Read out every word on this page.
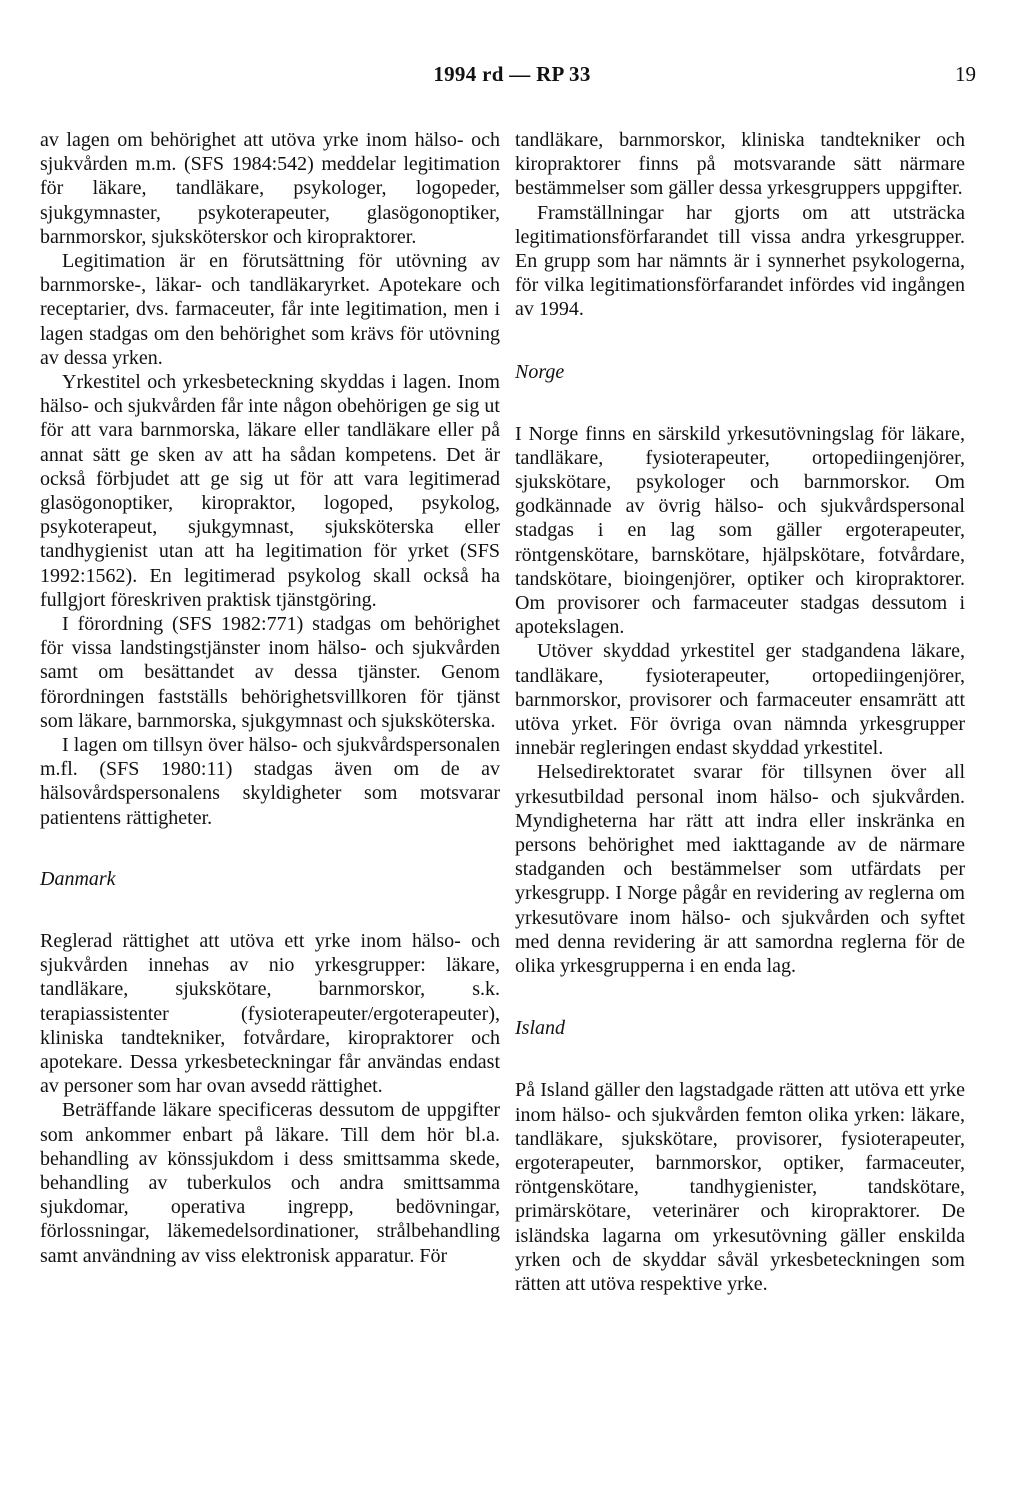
1994 rd — RP 33	19

av lagen om behörighet att utöva yrke inom hälso- och sjukvården m.m. (SFS 1984:542) meddelar legitimation för läkare, tandläkare, psykologer, logopeder, sjukgymnaster, psykoterapeuter, glasögonoptiker, barnmorskor, sjuksköterskor och kiropraktorer.

Legitimation är en förutsättning för utövning av barnmorske-, läkar- och tandläkaryrket. Apotekare och receptarier, dvs. farmaceuter, får inte legitimation, men i lagen stadgas om den behörighet som krävs för utövning av dessa yrken.

Yrkestitel och yrkesbeteckning skyddas i lagen. Inom hälso- och sjukvården får inte någon obehörigen ge sig ut för att vara barnmorska, läkare eller tandläkare eller på annat sätt ge sken av att ha sådan kompetens. Det är också förbjudet att ge sig ut för att vara legitimerad glasögonoptiker, kiropraktor, logoped, psykolog, psykoterapeut, sjukgymnast, sjuksköterska eller tandhygienist utan att ha legitimation för yrket (SFS 1992:1562). En legitimerad psykolog skall också ha fullgjort föreskriven praktisk tjänstgöring.

I förordning (SFS 1982:771) stadgas om behörighet för vissa landstingstjänster inom hälso- och sjukvården samt om besättandet av dessa tjänster. Genom förordningen fastställs behörighetsvillkoren för tjänst som läkare, barnmorska, sjukgymnast och sjuksköterska.

I lagen om tillsyn över hälso- och sjukvårdspersonalen m.fl. (SFS 1980:11) stadgas även om de av hälsovårdspersonalens skyldigheter som motsvarar patientens rättigheter.

Danmark

Reglerad rättighet att utöva ett yrke inom hälso- och sjukvården innehas av nio yrkesgrupper: läkare, tandläkare, sjukskötare, barnmorskor, s.k. terapiassistenter (fysioterapeuter/ergoterapeuter), kliniska tandtekniker, fotvårdare, kiropraktorer och apotekare. Dessa yrkesbeteckningar får användas endast av personer som har ovan avsedd rättighet.

Beträffande läkare specificeras dessutom de uppgifter som ankommer enbart på läkare. Till dem hör bl.a. behandling av könssjukdom i dess smittsamma skede, behandling av tuberkulos och andra smittsamma sjukdomar, operativa ingrepp, bedövningar, förlossningar, läkemedelsordinationer, strålbehandling samt användning av viss elektronisk apparatur. För

tandläkare, barnmorskor, kliniska tandtekniker och kiropraktorer finns på motsvarande sätt närmare bestämmelser som gäller dessa yrkesgruppers uppgifter.

Framställningar har gjorts om att utsträcka legitimationsförfarandet till vissa andra yrkesgrupper. En grupp som har nämnts är i synnerhet psykologerna, för vilka legitimationsförfarandet infördes vid ingången av 1994.

Norge

I Norge finns en särskild yrkesutövningslag för läkare, tandläkare, fysioterapeuter, ortopediingenjörer, sjukskötare, psykologer och barnmorskor. Om godkännade av övrig hälso- och sjukvårdspersonal stadgas i en lag som gäller ergoterapeuter, röntgenskötare, barnskötare, hjälpskötare, fotvårdare, tandskötare, bioingenjörer, optiker och kiropraktorer. Om provisorer och farmaceuter stadgas dessutom i apotekslagen.

Utöver skyddad yrkestitel ger stadgandena läkare, tandläkare, fysioterapeuter, ortopediingenjörer, barnmorskor, provisorer och farmaceuter ensamrätt att utöva yrket. För övriga ovan nämnda yrkesgrupper innebär regleringen endast skyddad yrkestitel.

Helsedirektoratet svarar för tillsynen över all yrkesutbildad personal inom hälso- och sjukvården. Myndigheterna har rätt att indra eller inskränka en persons behörighet med iakttagande av de närmare stadganden och bestämmelser som utfärdats per yrkesgrupp. I Norge pågår en revidering av reglerna om yrkesutövare inom hälso- och sjukvården och syftet med denna revidering är att samordna reglerna för de olika yrkesgrupperna i en enda lag.

Island

På Island gäller den lagstadgade rätten att utöva ett yrke inom hälso- och sjukvården femton olika yrken: läkare, tandläkare, sjukskötare, provisorer, fysioterapeuter, ergoterapeuter, barnmorskor, optiker, farmaceuter, röntgenskötare, tandhygienister, tandskötare, primärskötare, veterinärer och kiropraktorer. De isländska lagarna om yrkesutövning gäller enskilda yrken och de skyddar såväl yrkesbeteckningen som rätten att utöva respektive yrke.
